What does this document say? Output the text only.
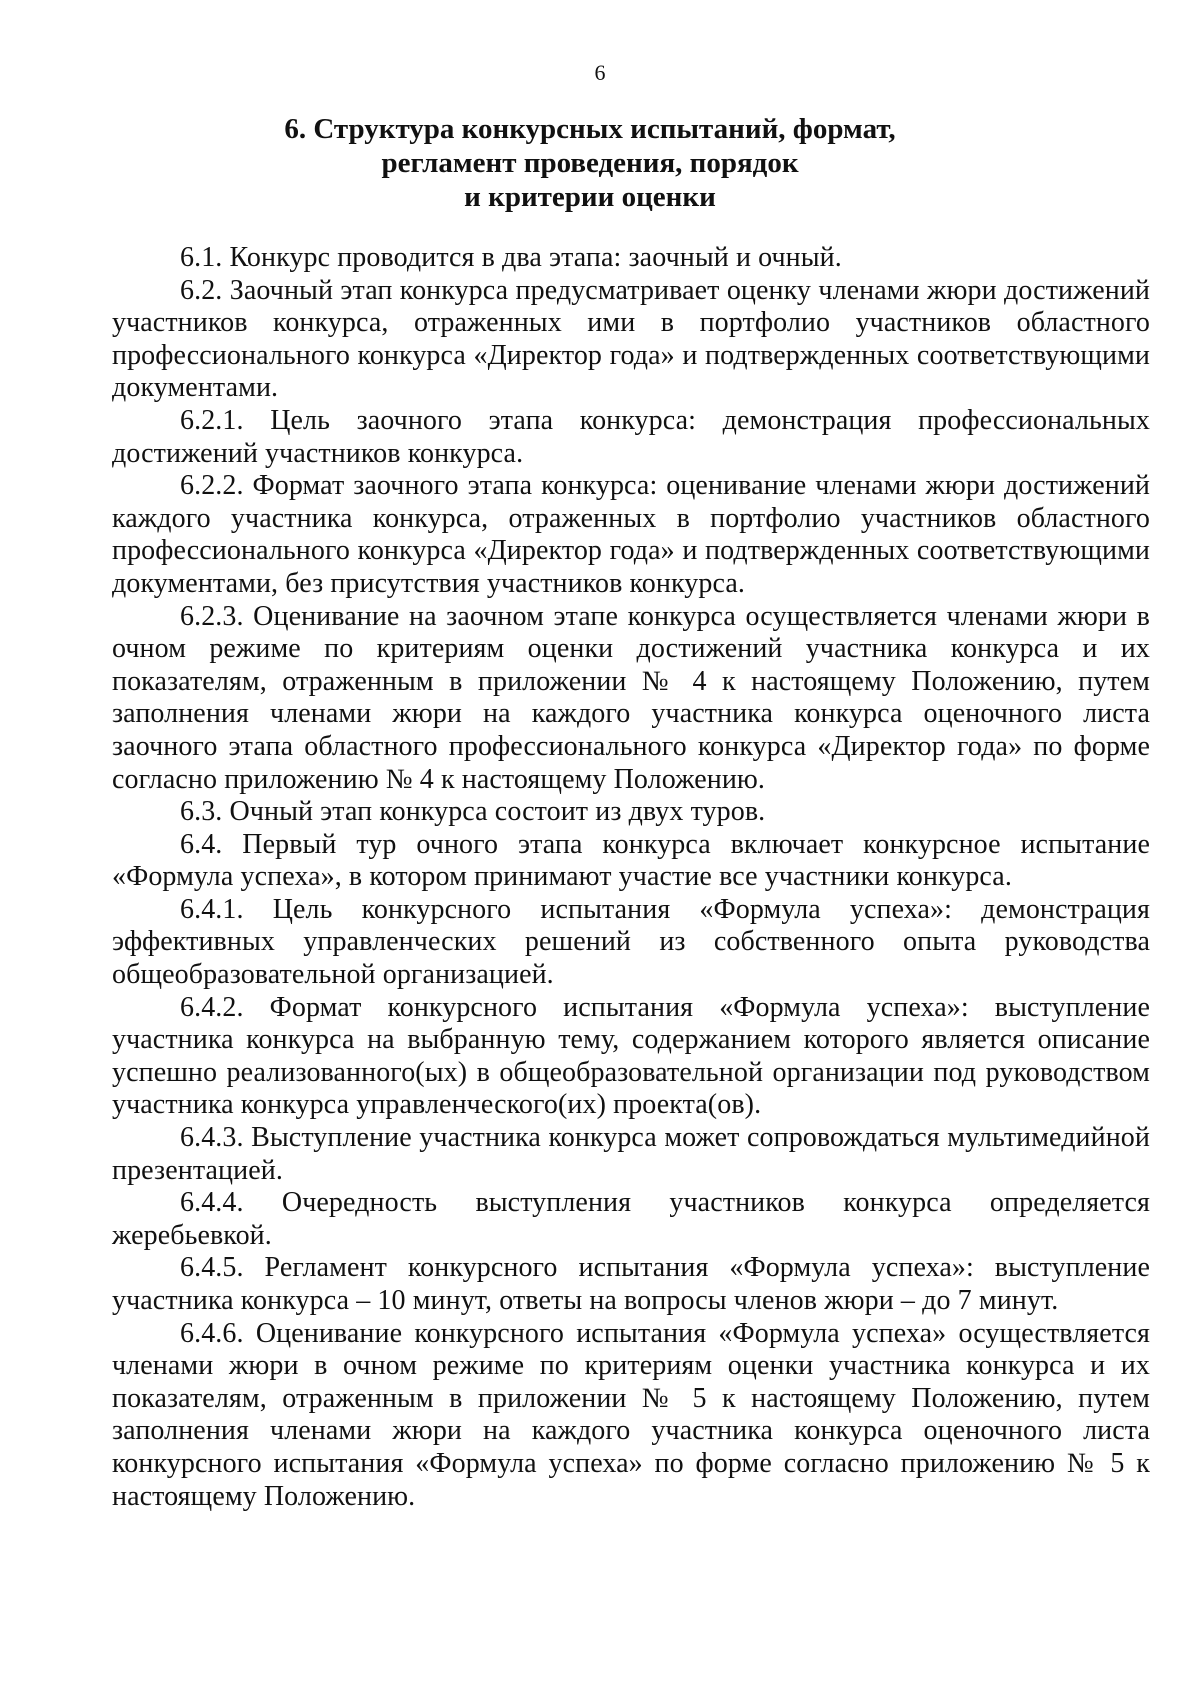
6
6. Структура конкурсных испытаний, формат,
регламент проведения, порядок
и критерии оценки

6.1. Конкурс проводится в два этапа: заочный и очный.

6.2. Заочный этап конкурса предусматривает оценку членами жюри достижений участников конкурса, отраженных ими в портфолио участников областного профессионального конкурса «Директор года» и подтвержденных соответствующими документами.

6.2.1. Цель заочного этапа конкурса: демонстрация профессиональных достижений участников конкурса.

6.2.2. Формат заочного этапа конкурса: оценивание членами жюри достижений каждого участника конкурса, отраженных в портфолио участников областного профессионального конкурса «Директор года» и подтвержденных соответствующими документами, без присутствия участников конкурса.

6.2.3. Оценивание на заочном этапе конкурса осуществляется членами жюри в очном режиме по критериям оценки достижений участника конкурса и их показателям, отраженным в приложении № 4 к настоящему Положению, путем заполнения членами жюри на каждого участника конкурса оценочного листа заочного этапа областного профессионального конкурса «Директор года» по форме согласно приложению № 4 к настоящему Положению.

6.3. Очный этап конкурса состоит из двух туров.

6.4. Первый тур очного этапа конкурса включает конкурсное испытание «Формула успеха», в котором принимают участие все участники конкурса.

6.4.1. Цель конкурсного испытания «Формула успеха»: демонстрация эффективных управленческих решений из собственного опыта руководства общеобразовательной организацией.

6.4.2. Формат конкурсного испытания «Формула успеха»: выступление участника конкурса на выбранную тему, содержанием которого является описание успешно реализованного(ых) в общеобразовательной организации под руководством участника конкурса управленческого(их) проекта(ов).

6.4.3. Выступление участника конкурса может сопровождаться мультимедийной презентацией.

6.4.4. Очередность выступления участников конкурса определяется жеребьевкой.

6.4.5. Регламент конкурсного испытания «Формула успеха»: выступление участника конкурса – 10 минут, ответы на вопросы членов жюри – до 7 минут.

6.4.6. Оценивание конкурсного испытания «Формула успеха» осуществляется членами жюри в очном режиме по критериям оценки участника конкурса и их показателям, отраженным в приложении № 5 к настоящему Положению, путем заполнения членами жюри на каждого участника конкурса оценочного листа конкурсного испытания «Формула успеха» по форме согласно приложению № 5 к настоящему Положению.
